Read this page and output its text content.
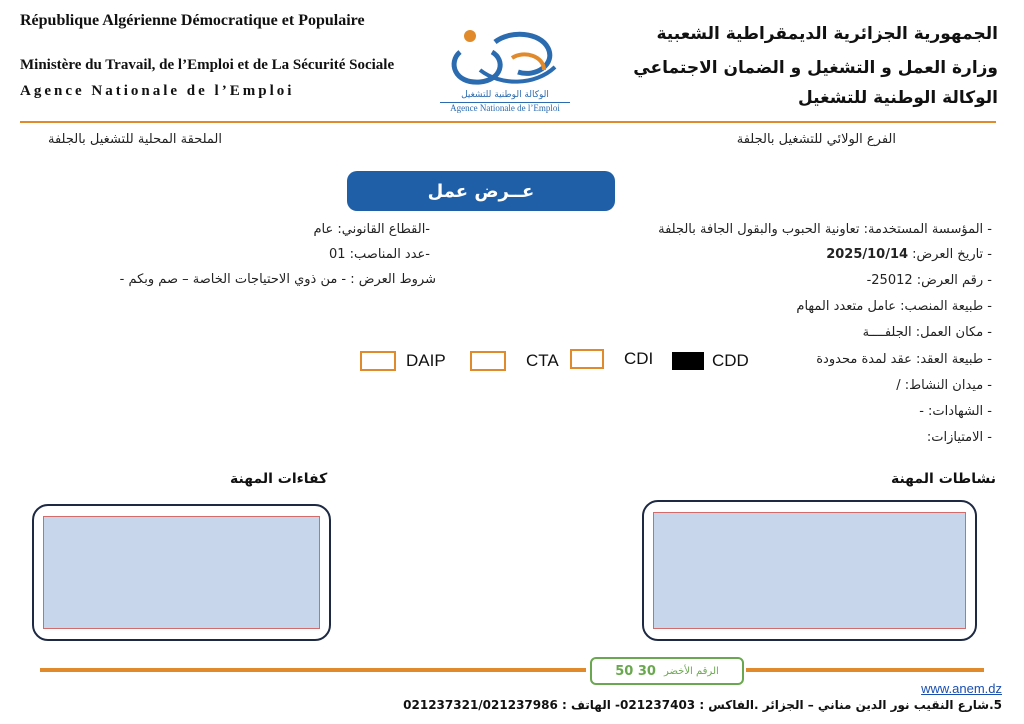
République Algérienne Démocratique et Populaire
Ministère du Travail, de l’Emploi et de La Sécurité Sociale
Agence Nationale de l’Emploi	الوكالة الوطنية للتشغيل
Agence Nationale de l’Emploi
الجمهورية الجزائرية الديمقراطية الشعبية
وزارة العمل و التشغيل و الضمان الاجتماعي
الوكالة الوطنية للتشغيل
الفرع الولائي للتشغيل بالجلفة
الملحقة المحلية للتشغيل بالجلفة
عــرض عمل
- المؤسسة المستخدمة: تعاونية الحبوب والبقول الجافة بالجلفة
- تاريخ العرض:
2025/10/14
- رقم العرض: 25012-
- طبيعة المنصب: عامل متعدد المهام
- مكان العمل: الجلفــــة
- طبيعة العقد: عقد لمدة محدودة
- ميدان النشاط: /
- الشهادات: -
- الامتيازات:
-القطاع القانوني: عام
-عدد المناصب: 01
شروط العرض : - من ذوي الاحتياجات الخاصة – صم وبكم -
CDD
CDI
CTA
DAIP
نشاطات المهنة
كفاءات المهنة
الرقم الأخضر
30 50
www.anem.dz
5.شارع النقيب نور الدين مناني – الجزائر .الفاكس : 021237403- الهاتف : 021237321/021237986
